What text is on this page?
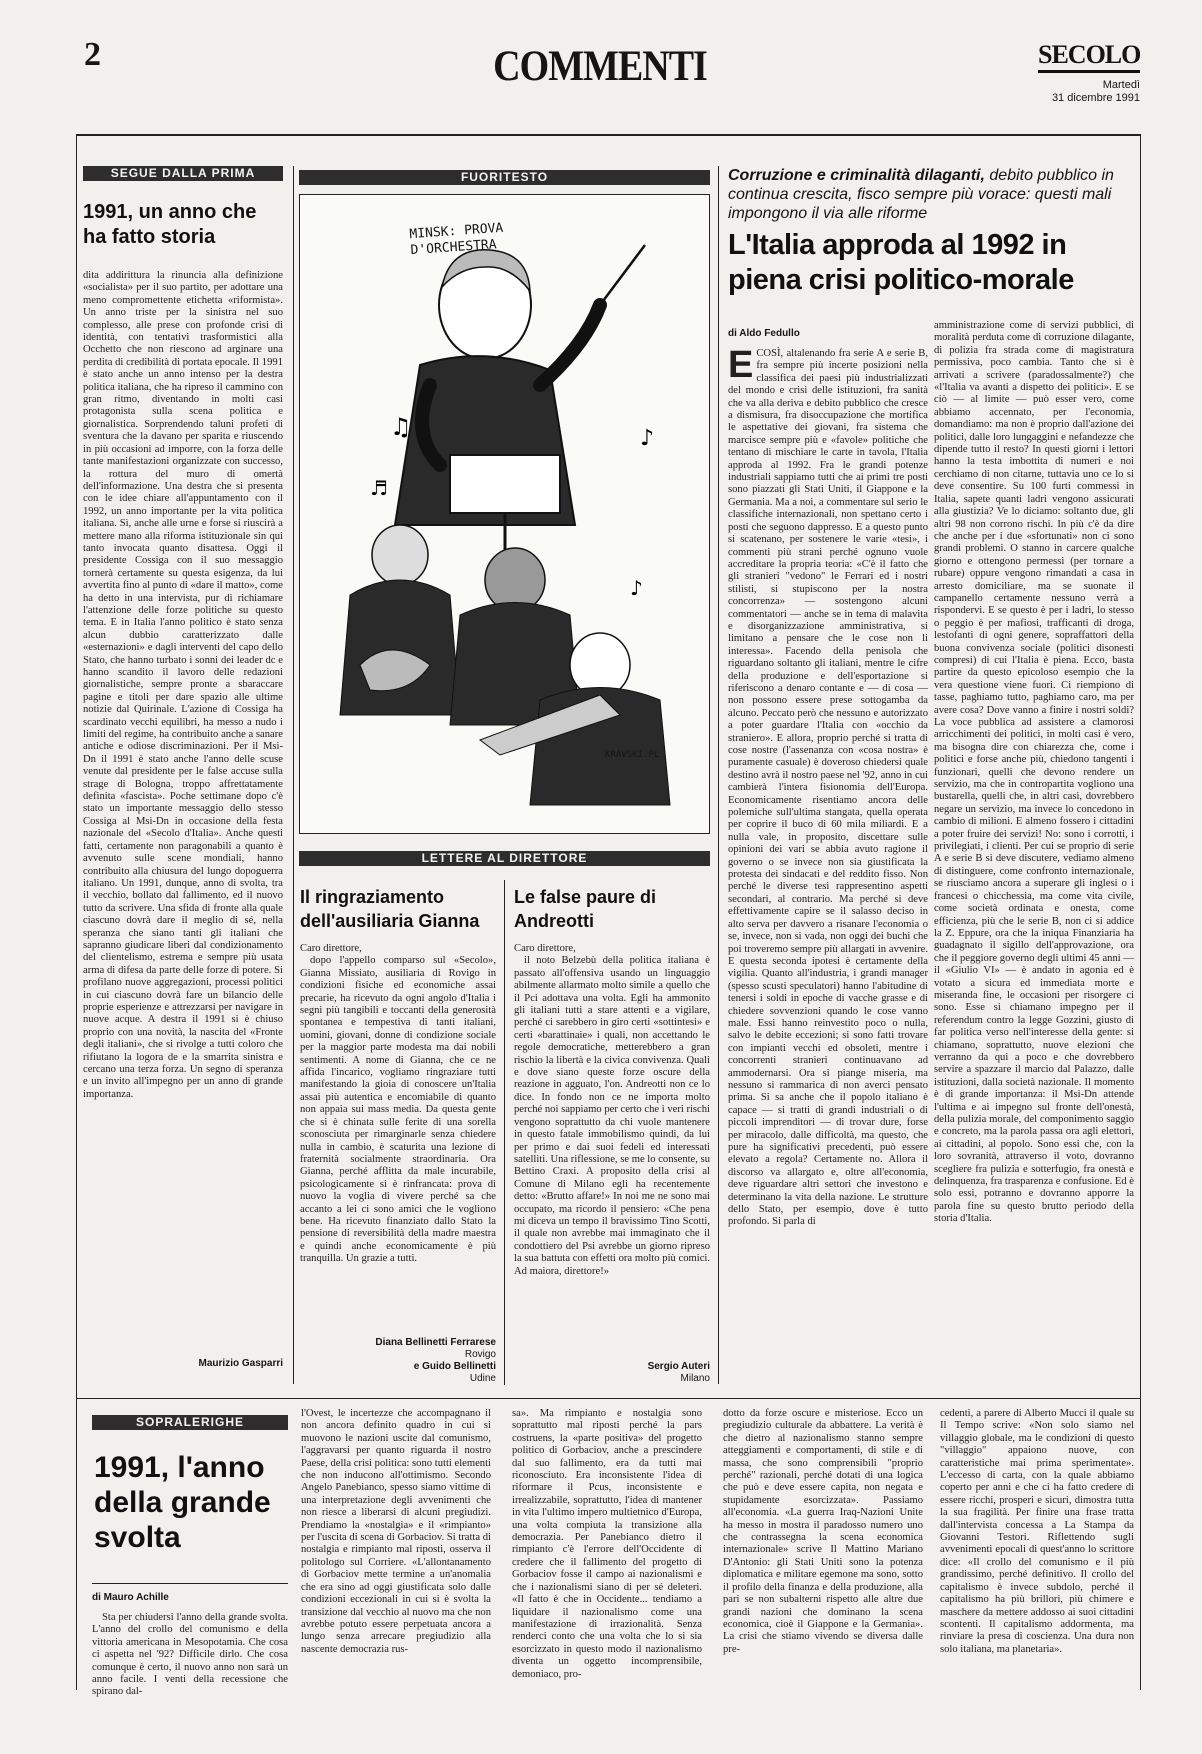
2	COMMENTI	SECOLO
Martedì
31 dicembre 1991
SEGUE DALLA PRIMA
1991, un anno che ha fatto storia

dita addirittura la rinuncia alla definizione «socialista» per il suo partito, per adottare una meno compromettente etichetta «riformista». Un anno triste per la sinistra nel suo complesso, alle prese con profonde crisi di identità, con tentativi trasformistici alla Occhetto che non riescono ad arginare una perdita di credibilità di portata epocale. Il 1991 è stato anche un anno intenso per la destra politica italiana, che ha ripreso il cammino con gran ritmo, diventando in molti casi protagonista sulla scena politica e giornalistica. Sorprendendo taluni profeti di sventura che la davano per sparita e riuscendo in più occasioni ad imporre, con la forza delle tante manifestazioni organizzate con successo, la rottura del muro di omertà dell'informazione. Una destra che si presenta con le idee chiare all'appuntamento con il 1992, un anno importante per la vita politica italiana. Sì, anche alle urne e forse si riuscirà a mettere mano alla riforma istituzionale sin qui tanto invocata quanto disattesa. Oggi il presidente Cossiga con il suo messaggio tornerà certamente su questa esigenza, da lui avvertita fino al punto di «dare il matto», come ha detto in una intervista, pur di richiamare l'attenzione delle forze politiche su questo tema. E in Italia l'anno politico è stato senza alcun dubbio caratterizzato dalle «esternazioni» e dagli interventi del capo dello Stato, che hanno turbato i sonni dei leader dc e hanno scandito il lavoro delle redazioni giornalistiche, sempre pronte a sbaraccare pagine e titoli per dare spazio alle ultime notizie dal Quirinale. L'azione di Cossiga ha scardinato vecchi equilibri, ha messo a nudo i limiti del regime, ha contribuito anche a sanare antiche e odiose discriminazioni. Per il Msi-Dn il 1991 è stato anche l'anno delle scuse venute dal presidente per le false accuse sulla strage di Bologna, troppo affrettatamente definita «fascista». Poche settimane dopo c'è stato un importante messaggio dello stesso Cossiga al Msi-Dn in occasione della festa nazionale del «Secolo d'Italia». Anche questi fatti, certamente non paragonabili a quanto è avvenuto sulle scene mondiali, hanno contribuito alla chiusura del lungo dopoguerra italiano. Un 1991, dunque, anno di svolta, tra il vecchio, bollato dal fallimento, ed il nuovo tutto da scrivere. Una sfida di fronte alla quale ciascuno dovrà dare il meglio di sé, nella speranza che siano tanti gli italiani che sapranno giudicare liberi dal condizionamento del clientelismo, estrema e sempre più usata arma di difesa da parte delle forze di potere. Si profilano nuove aggregazioni, processi politici in cui ciascuno dovrà fare un bilancio delle proprie esperienze e attrezzarsi per navigare in nuove acque. A destra il 1991 si è chiuso proprio con una novità, la nascita del «Fronte degli italiani», che si rivolge a tutti coloro che rifiutano la logora de e la smarrita sinistra e cercano una terza forza. Un segno di speranza e un invito all'impegno per un anno di grande importanza.

Maurizio Gasparri
FUORITESTO
♫	♪
♬
♪
MINSK: PROVA D'ORCHESTRA
KRAVSKI.PL
LETTERE AL DIRETTORE
Il ringraziamento dell'ausiliaria Gianna

Caro direttore,

dopo l'appello comparso sul «Secolo», Gianna Missiato, ausiliaria di Rovigo in condizioni fisiche ed economiche assai precarie, ha ricevuto da ogni angolo d'Italia i segni più tangibili e toccanti della generosità spontanea e tempestiva di tanti italiani, uomini, giovani, donne di condizione sociale per la maggior parte modesta ma dai nobili sentimenti. A nome di Gianna, che ce ne affida l'incarico, vogliamo ringraziare tutti manifestando la gioia di conoscere un'Italia assai più autentica e encomiabile di quanto non appaia sui mass media. Da questa gente che si è chinata sulle ferite di una sorella sconosciuta per rimarginarle senza chiedere nulla in cambio, è scaturita una lezione di fraternità socialmente straordinaria. Ora Gianna, perché afflitta da male incurabile, psicologicamente si è rinfrancata: prova di nuovo la voglia di vivere perché sa che accanto a lei ci sono amici che le vogliono bene. Ha ricevuto finanziato dallo Stato la pensione di reversibilità della madre maestra e quindi anche economicamente è più tranquilla. Un grazie a tutti.

Diana Bellinetti Ferrarese
Rovigo
e Guido Bellinetti
Udine
Le false paure di Andreotti

Caro direttore,

il noto Belzebù della politica italiana è passato all'offensiva usando un linguaggio abilmente allarmato molto simile a quello che il Pci adottava una volta. Egli ha ammonito gli italiani tutti a stare attenti e a vigilare, perché ci sarebbero in giro certi «sottintesi» e certi «barattinaie» i quali, non accettando le regole democratiche, metterebbero a gran rischio la libertà e la civica convivenza. Quali e dove siano queste forze oscure della reazione in agguato, l'on. Andreotti non ce lo dice. In fondo non ce ne importa molto perché noi sappiamo per certo che i veri rischi vengono soprattutto da chi vuole mantenere in questo fatale immobilismo quindi, da lui per primo e dai suoi fedeli ed interessati satelliti. Una riflessione, se me lo consente, su Bettino Craxi. A proposito della crisi al Comune di Milano egli ha recentemente detto: «Brutto affare!» In noi me ne sono mai occupato, ma ricordo il pensiero: «Che pena mi diceva un tempo il bravissimo Tino Scotti, il quale non avrebbe mai immaginato che il condottiero del Psi avrebbe un giorno ripreso la sua battuta con effetti ora molto più comici. Ad maiora, direttore!»

Sergio Auteri
Milano
Corruzione e criminalità dilaganti, debito pubblico in continua crescita, fisco sempre più vorace: questi mali impongono il via alle riforme
L'Italia approda al 1992 in piena crisi politico-morale
di Aldo Fedullo
E COSÌ, altalenando fra serie A e serie B, fra sempre più incerte posizioni nella classifica dei paesi più industrializzati del mondo e crisi delle istituzioni, fra sanità che va alla deriva e debito pubblico che cresce a dismisura, fra disoccupazione che mortifica le aspettative dei giovani, fra sistema che marcisce sempre più e «favole» politiche che tentano di mischiare le carte in tavola, l'Italia approda al 1992. Fra le grandi potenze industriali sappiamo tutti che ai primi tre posti sono piazzati gli Stati Uniti, il Giappone e la Germania. Ma a noi, a commentare sul serio le classifiche internazionali, non spettano certo i posti che seguono dappresso. E a questo punto si scatenano, per sostenere le varie «tesi», i commenti più strani perché ognuno vuole accreditare la propria teoria: «C'è il fatto che gli stranieri "vedono" le Ferrari ed i nostri stilisti, si stupiscono per la nostra concorrenza» — sostengono alcuni commentatori — anche se in tema di malavita e disorganizzazione amministrativa, si limitano a pensare che le cose non li interessa». Facendo della penisola che riguardano soltanto gli italiani, mentre le cifre della produzione e dell'esportazione si riferiscono a denaro contante e — di cosa — non possono essere prese sottogamba da alcuno. Peccato però che nessuno e autorizzato a poter guardare l'Italia con «occhio da straniero». E allora, proprio perché si tratta di cose nostre (l'assenanza con «cosa nostra» è puramente casuale) è doveroso chiedersi quale destino avrà il nostro paese nel '92, anno in cui cambierà l'intera fisionomia dell'Europa. Economicamente risentiamo ancora delle polemiche sull'ultima stangata, quella operata per coprire il buco di 60 mila miliardi. E a nulla vale, in proposito, discettare sulle opinioni dei vari se abbia avuto ragione il governo o se invece non sia giustificata la protesta dei sindacati e del reddito fisso. Non perché le diverse tesi rappresentino aspetti secondari, al contrario. Ma perché si deve effettivamente capire se il salasso deciso in alto serva per davvero a risanare l'economia o se, invece, non si vada, non oggi dei buchi che poi troveremo sempre più allargati in avvenire. E questa seconda ipotesi è certamente della vigilia. Quanto all'industria, i grandi manager (spesso scusti speculatori) hanno l'abitudine di tenersi i soldi in epoche di vacche grasse e di chiedere sovvenzioni quando le cose vanno male. Essi hanno reinvestito poco o nulla, salvo le debite eccezioni; si sono fatti trovare con impianti vecchi ed obsoleti, mentre i concorrenti stranieri continuavano ad ammodernarsi. Ora si piange miseria, ma nessuno si rammarica di non averci pensato prima. Si sa anche che il popolo italiano è capace — si tratti di grandi industriali o di piccoli imprenditori — di trovar dure, forse per miracolo, dalle difficoltà, ma questo, che pure ha significativi precedenti, può essere elevato a regola? Certamente no. Allora il discorso va allargato e, oltre all'economia, deve riguardare altri settori che investono e determinano la vita della nazione. Le strutture dello Stato, per esempio, dove è tutto profondo. Si parla di

amministrazione come di servizi pubblici, di moralità perduta come di corruzione dilagante, di polizia fra strada come di magistratura permissiva, poco cambia. Tanto che si è arrivati a scrivere (paradossalmente?) che «l'Italia va avanti a dispetto dei politici». E se ciò — al limite — può esser vero, come abbiamo accennato, per l'economia, domandiamo: ma non è proprio dall'azione dei politici, dalle loro lungaggini e nefandezze che dipende tutto il resto? In questi giorni i lettori hanno la testa imbottita di numeri e noi cerchiamo di non citarne, tuttavia uno ce lo si deve consentire. Su 100 furti commessi in Italia, sapete quanti ladri vengono assicurati alla giustizia? Ve lo diciamo: soltanto due, gli altri 98 non corrono rischi. In più c'è da dire che anche per i due «sfortunati» non ci sono grandi problemi. O stanno in carcere qualche giorno e ottengono permessi (per tornare a rubare) oppure vengono rimandati a casa in arresto domiciliare, ma se suonate il campanello certamente nessuno verrà a rispondervi. E se questo è per i ladri, lo stesso o peggio è per mafiosi, trafficanti di droga, lestofanti di ogni genere, sopraffattori della buona convivenza sociale (politici disonesti compresi) di cui l'Italia è piena. Ecco, basta partire da questo epicoloso esempio che la vera questione viene fuori. Ci riempiono di tasse, paghiamo tutto, paghiamo caro, ma per avere cosa? Dove vanno a finire i nostri soldi? La voce pubblica ad assistere a clamorosi arricchimenti dei politici, in molti casi è vero, ma bisogna dire con chiarezza che, come i politici e forse anche più, chiedono tangenti i funzionari, quelli che devono rendere un servizio, ma che in contropartita vogliono una bustarella, quelli che, in altri casi, dovrebbero negare un servizio, ma invece lo concedono in cambio di milioni. E almeno fossero i cittadini a poter fruire dei servizi! No: sono i corrotti, i privilegiati, i clienti. Per cui se proprio di serie A e serie B si deve discutere, vediamo almeno di distinguere, come confronto internazionale, se riusciamo ancora a superare gli inglesi o i francesi o chicchessia, ma come vita civile, come società ordinata e onesta, come efficienza, più che le serie B, non ci si addice la Z. Eppure, ora che la iniqua Finanziaria ha guadagnato il sigillo dell'approvazione, ora che il peggiore governo degli ultimi 45 anni — il «Giulio VI» — è andato in agonia ed è votato a sicura ed immediata morte e miseranda fine, le occasioni per risorgere ci sono. Esse si chiamano impegno per il referendum contro la legge Gozzini, giusto di far politica verso nell'interesse della gente: si chiamano, soprattutto, nuove elezioni che verranno da qui a poco e che dovrebbero servire a spazzare il marcio dal Palazzo, dalle istituzioni, dalla società nazionale. Il momento è di grande importanza: il Msi-Dn attende l'ultima e ai impegno sul fronte dell'onestà, della pulizia morale, del componimento saggio e concreto, ma la parola passa ora agli elettori, ai cittadini, al popolo. Sono essi che, con la loro sovranità, attraverso il voto, dovranno scegliere fra pulizia e sotterfugio, fra onestà e delinquenza, fra trasparenza e confusione. Ed è solo essi, potranno e dovranno apporre la parola fine su questo brutto periodo della storia d'Italia.

SOPRALERIGHE
1991, l'anno della grande svolta
di Mauro Achille

Sta per chiudersi l'anno della grande svolta. L'anno del crollo del comunismo e della vittoria americana in Mesopotamia. Che cosa ci aspetta nel '92? Difficile dirlo. Che cosa comunque è certo, il nuovo anno non sarà un anno facile. I venti della recessione che spirano dal-

l'Ovest, le incertezze che accompagnano il non ancora definito quadro in cui si muovono le nazioni uscite dal comunismo, l'aggravarsi per quanto riguarda il nostro Paese, della crisi politica: sono tutti elementi che non inducono all'ottimismo. Secondo Angelo Panebianco, spesso siamo vittime di una interpretazione degli avvenimenti che non riesce a liberarsi di alcuni pregiudizi. Prendiamo la «nostalgia» e il «rimpianto» per l'uscita di scena di Gorbaciov. Si tratta di nostalgia e rimpianto mal riposti, osserva il politologo sul Corriere. «L'allontanamento di Gorbaciov mette termine a un'anomalia che era sino ad oggi giustificata solo dalle condizioni eccezionali in cui si è svolta la transizione dal vecchio al nuovo ma che non avrebbe potuto essere perpetuata ancora a lungo senza arrecare pregiudizio alla nascente democrazia rus-

sa». Ma rimpianto e nostalgia sono soprattutto mal riposti perché la pars costruens, la «parte positiva» del progetto politico di Gorbaciov, anche a prescindere dal suo fallimento, era da tutti mai riconosciuto. Era inconsistente l'idea di riformare il Pcus, inconsistente e irrealizzabile, soprattutto, l'idea di mantener in vita l'ultimo impero multietnico d'Europa, una volta compiuta la transizione alla democrazia. Per Panebianco dietro il rimpianto c'è l'errore dell'Occidente di credere che il fallimento del progetto di Gorbaciov fosse il campo ai nazionalismi e che i nazionalismi siano di per sé deleteri. «Il fatto è che in Occidente... tendiamo a liquidare il nazionalismo come una manifestazione di irrazionalità. Senza renderci conto che una volta che lo si sia esorcizzato in questo modo il nazionalismo diventa un oggetto incomprensibile, demoniaco, pro-

dotto da forze oscure e misteriose. Ecco un pregiudizio culturale da abbattere. La verità è che dietro al nazionalismo stanno sempre atteggiamenti e comportamenti, di stile e di massa, che sono comprensibili "proprio perché" razionali, perché dotati di una logica che può e deve essere capita, non negata e stupidamente esorcizzata». Passiamo all'economia. «La guerra Iraq-Nazioni Unite ha messo in mostra il paradosso numero uno che contrassegna la scena economica internazionale» scrive Il Mattino Mariano D'Antonio: gli Stati Uniti sono la potenza diplomatica e militare egemone ma sono, sotto il profilo della finanza e della produzione, alla pari se non subalterni rispetto alle altre due grandi nazioni che dominano la scena economica, cioè il Giappone e la Germania». La crisi che stiamo vivendo se diversa dalle pre-

cedenti, a parere di Alberto Mucci il quale su Il Tempo scrive: «Non solo siamo nel villaggio globale, ma le condizioni di questo "villaggio" appaiono nuove, con caratteristiche mai prima sperimentate». L'eccesso di carta, con la quale abbiamo coperto per anni e che ci ha fatto credere di essere ricchi, prosperi e sicuri, dimostra tutta la sua fragilità. Per finire una frase tratta dall'intervista concessa a La Stampa da Giovanni Testori. Riflettendo sugli avvenimenti epocali di quest'anno lo scrittore dice: «Il crollo del comunismo e il più grandissimo, perché definitivo. Il crollo del capitalismo è invece subdolo, perché il capitalismo ha più brillori, più chimere e maschere da mettere addosso ai suoi cittadini scontenti. Il capitalismo addormenta, ma rinviare la presa di coscienza. Una dura non solo italiana, ma planetaria».
